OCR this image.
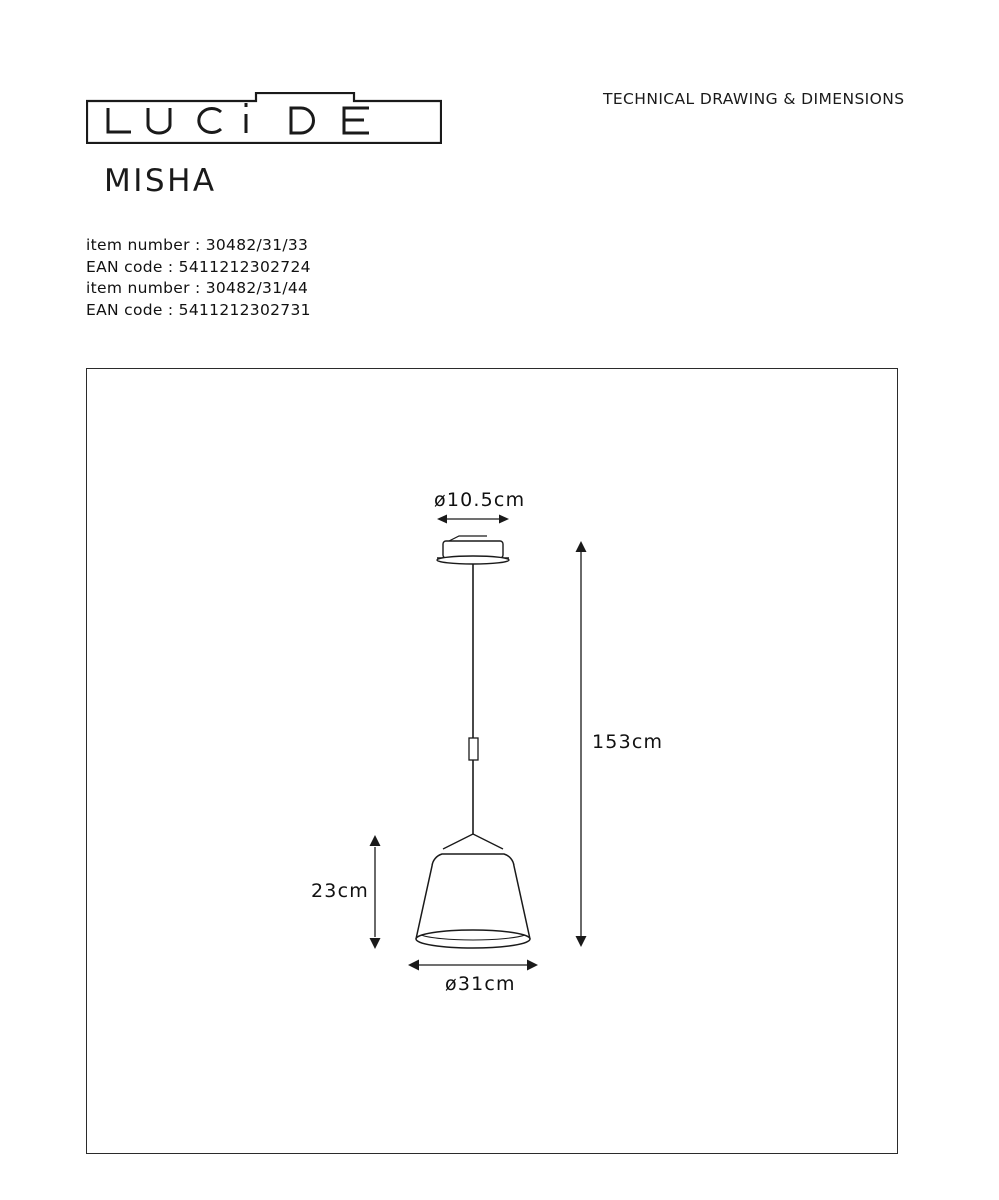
TECHNICAL DRAWING & DIMENSIONS
MISHA
item number : 30482/31/33
EAN code : 5411212302724
item number : 30482/31/44
EAN code : 5411212302731
ø10.5cm
153cm
23cm
ø31cm
